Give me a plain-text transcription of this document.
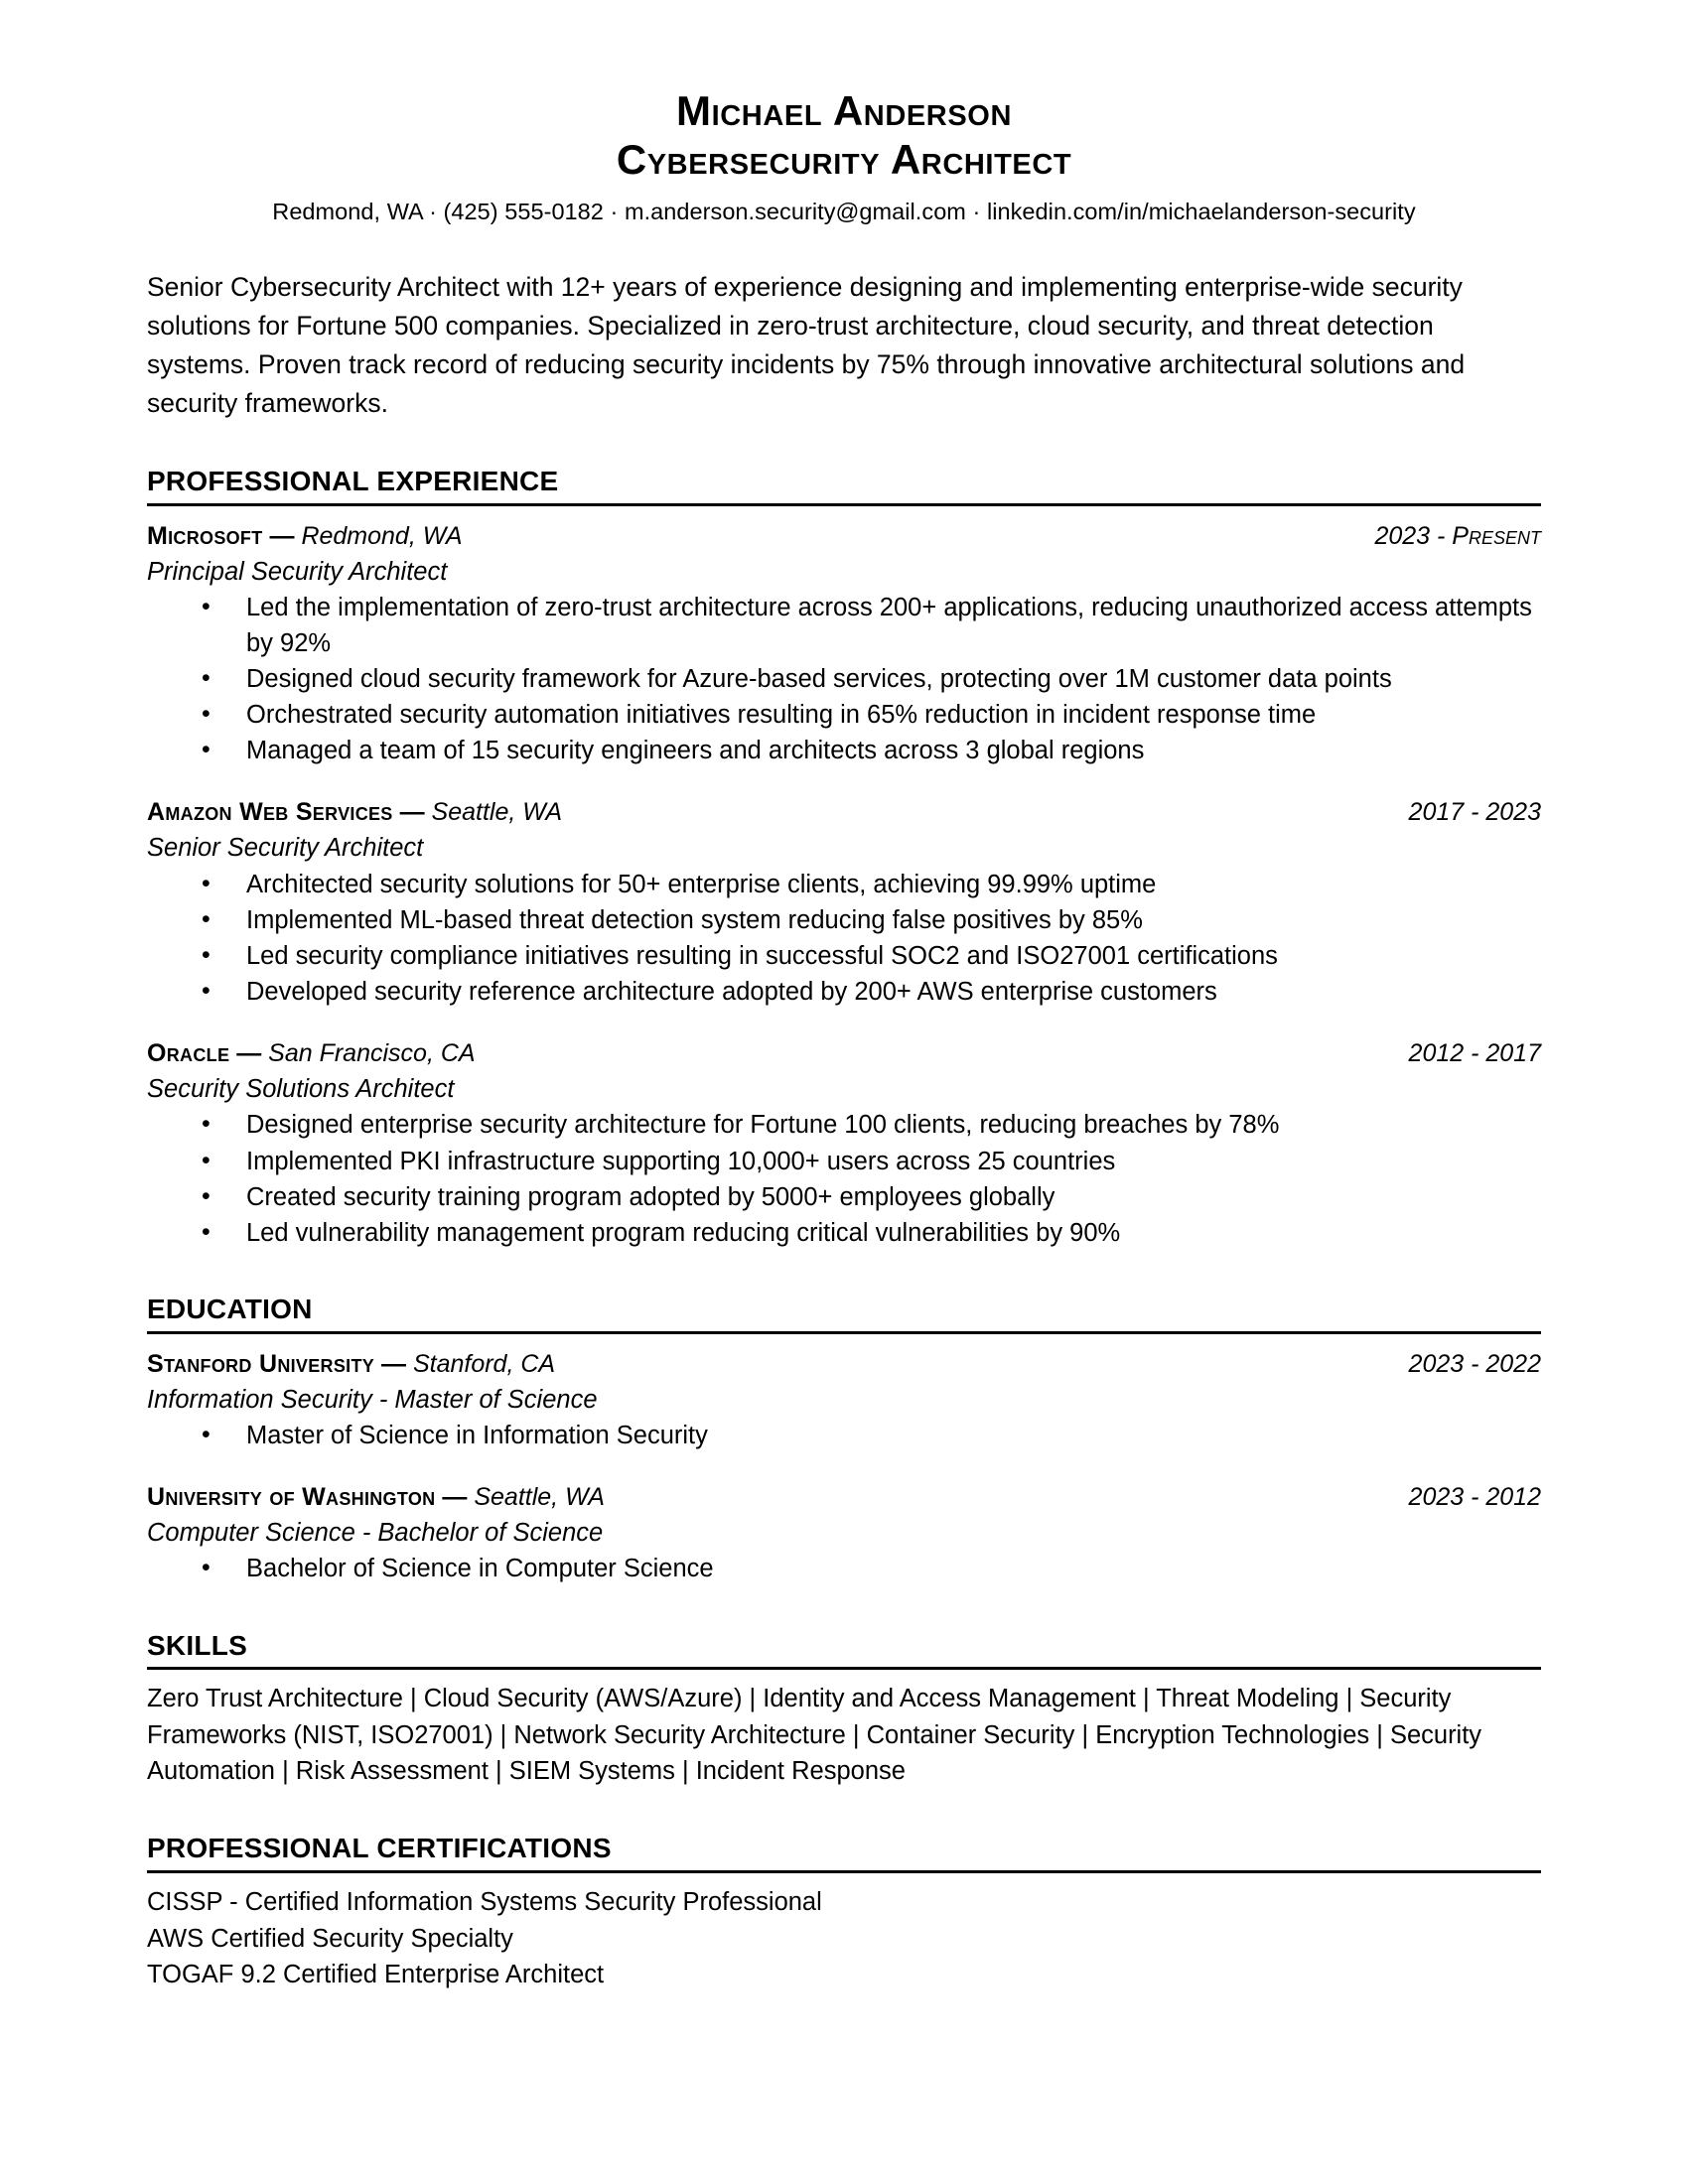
Michael Anderson
Cybersecurity Architect
Redmond, WA · (425) 555-0182 · m.anderson.security@gmail.com · linkedin.com/in/michaelanderson-security
Senior Cybersecurity Architect with 12+ years of experience designing and implementing enterprise-wide security solutions for Fortune 500 companies. Specialized in zero-trust architecture, cloud security, and threat detection systems. Proven track record of reducing security incidents by 75% through innovative architectural solutions and security frameworks.
PROFESSIONAL EXPERIENCE
Microsoft — Redmond, WA	2023 - Present
Principal Security Architect
• Led the implementation of zero-trust architecture across 200+ applications, reducing unauthorized access attempts by 92%
• Designed cloud security framework for Azure-based services, protecting over 1M customer data points
• Orchestrated security automation initiatives resulting in 65% reduction in incident response time
• Managed a team of 15 security engineers and architects across 3 global regions
Amazon Web Services — Seattle, WA	2017 - 2023
Senior Security Architect
• Architected security solutions for 50+ enterprise clients, achieving 99.99% uptime
• Implemented ML-based threat detection system reducing false positives by 85%
• Led security compliance initiatives resulting in successful SOC2 and ISO27001 certifications
• Developed security reference architecture adopted by 200+ AWS enterprise customers
Oracle — San Francisco, CA	2012 - 2017
Security Solutions Architect
• Designed enterprise security architecture for Fortune 100 clients, reducing breaches by 78%
• Implemented PKI infrastructure supporting 10,000+ users across 25 countries
• Created security training program adopted by 5000+ employees globally
• Led vulnerability management program reducing critical vulnerabilities by 90%
EDUCATION
Stanford University — Stanford, CA	2023 - 2022
Information Security - Master of Science
• Master of Science in Information Security
University of Washington — Seattle, WA	2023 - 2012
Computer Science - Bachelor of Science
• Bachelor of Science in Computer Science
SKILLS
Zero Trust Architecture | Cloud Security (AWS/Azure) | Identity and Access Management | Threat Modeling | Security Frameworks (NIST, ISO27001) | Network Security Architecture | Container Security | Encryption Technologies | Security Automation | Risk Assessment | SIEM Systems | Incident Response
PROFESSIONAL CERTIFICATIONS
CISSP - Certified Information Systems Security Professional
AWS Certified Security Specialty
TOGAF 9.2 Certified Enterprise Architect
